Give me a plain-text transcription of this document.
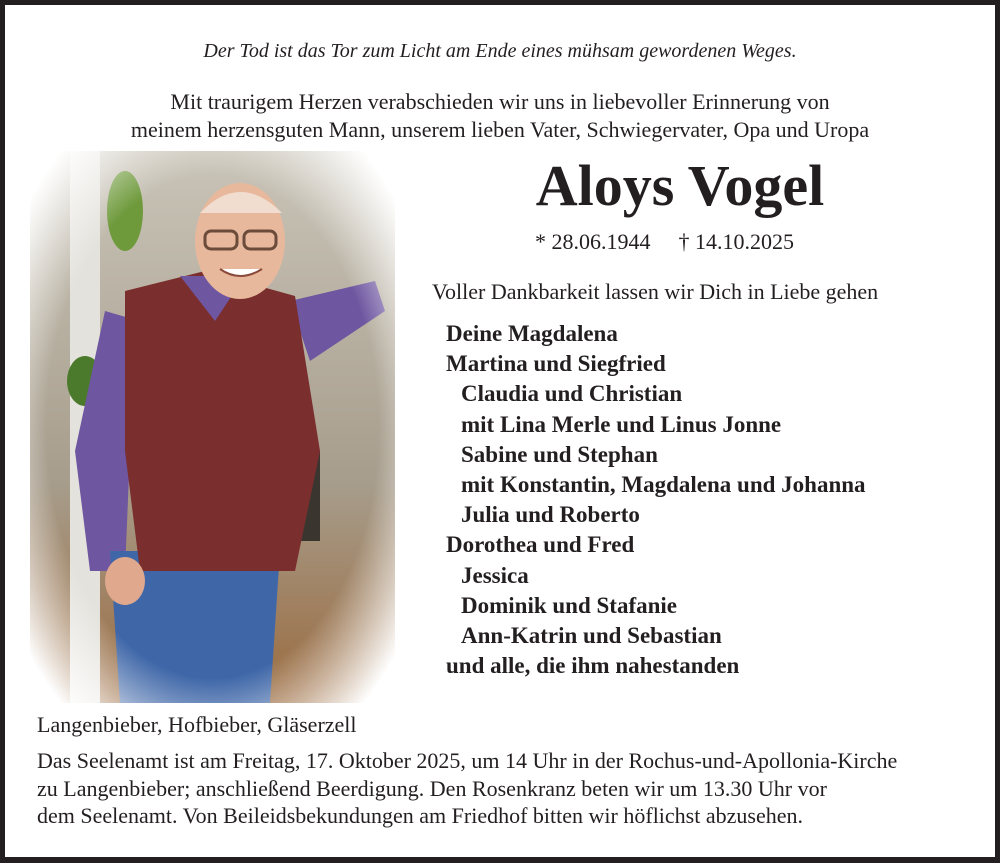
Der Tod ist das Tor zum Licht am Ende eines mühsam gewordenen Weges.
Mit traurigem Herzen verabschieden wir uns in liebevoller Erinnerung von
meinem herzensguten Mann, unserem lieben Vater, Schwiegervater, Opa und Uropa
Aloys Vogel
* 28.06.1944 † 14.10.2025
Voller Dankbarkeit lassen wir Dich in Liebe gehen
Deine Magdalena
Martina und Siegfried
Claudia und Christian
mit Lina Merle und Linus Jonne
Sabine und Stephan
mit Konstantin, Magdalena und Johanna
Julia und Roberto
Dorothea und Fred
Jessica
Dominik und Stafanie
Ann-Katrin und Sebastian
und alle, die ihm nahestanden
Langenbieber, Hofbieber, Gläserzell
Das Seelenamt ist am Freitag, 17. Oktober 2025, um 14 Uhr in der Rochus-und-Apollonia-Kirche
zu Langenbieber; anschließend Beerdigung. Den Rosenkranz beten wir um 13.30 Uhr vor
dem Seelenamt. Von Beileidsbekundungen am Friedhof bitten wir höflichst abzusehen.
